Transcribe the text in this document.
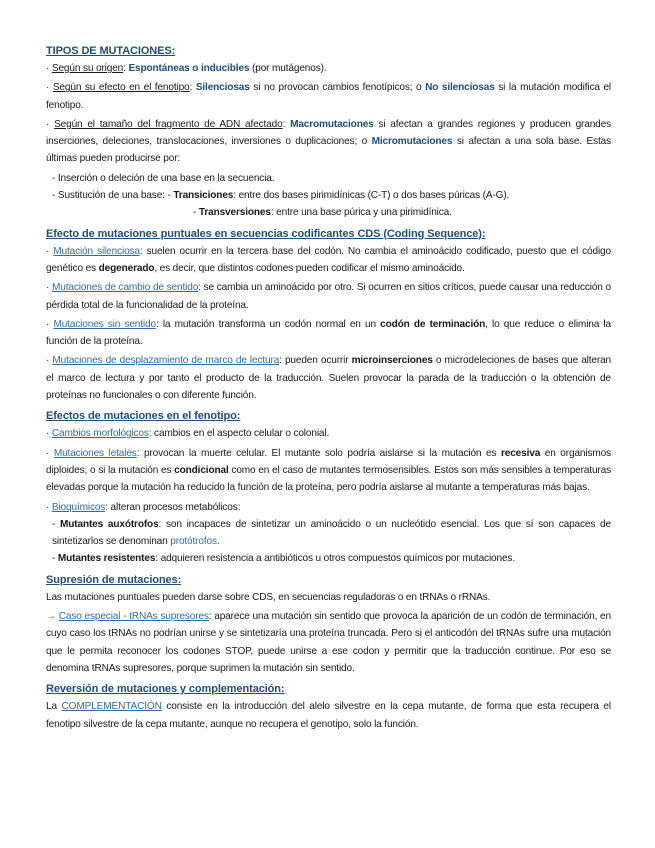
TIPOS DE MUTACIONES:
· Según su origen: Espontáneas o inducibles (por mutágenos).
· Según su efecto en el fenotipo: Silenciosas si no provocan cambios fenotípicos; o No silenciosas si la mutación modifica el fenotipo.
· Según el tamaño del fragmento de ADN afectado: Macromutaciones si afectan a grandes regiones y producen grandes inserciones, deleciones, translocaciones, inversiones o duplicaciones; o Micromutaciones si afectan a una sola base. Estas últimas pueden producirse por:
- Inserción o deleción de una base en la secuencia.
- Sustitución de una base: - Transiciones: entre dos bases pirimidínicas (C-T) o dos bases púricas (A-G).
- Transversiones: entre una base púrica y una pirimidínica.
Efecto de mutaciones puntuales en secuencias codificantes CDS (Coding Sequence):
· Mutación silenciosa: suelen ocurrir en la tercera base del codón. No cambia el aminoácido codificado, puesto que el código genético es degenerado, es decir, que distintos codones pueden codificar el mismo aminoácido.
· Mutaciones de cambio de sentido: se cambia un aminoácido por otro. Si ocurren en sitios críticos, puede causar una reducción o pérdida total de la funcionalidad de la proteína.
· Mutaciones sin sentido: la mutación transforma un codón normal en un codón de terminación, lo que reduce o elimina la función de la proteína.
· Mutaciones de desplazamiento de marco de lectura: pueden ocurrir microinserciones o microdeleciones de bases que alteran el marco de lectura y por tanto el producto de la traducción. Suelen provocar la parada de la traducción o la obtención de proteínas no funcionales o con diferente función.
Efectos de mutaciones en el fenotipo:
· Cambios morfológicos: cambios en el aspecto celular o colonial.
· Mutaciones letales: provocan la muerte celular. El mutante solo podría aislarse si la mutación es recesiva en organismos diploides; o si la mutación es condicional como en el caso de mutantes termosensibles. Estos son más sensibles a temperaturas elevadas porque la mutación ha reducido la función de la proteína, pero podría aislarse al mutante a temperaturas más bajas.
· Bioquímicos: alteran procesos metabólicos:
- Mutantes auxótrofos: son incapaces de sintetizar un aminoácido o un nucleótido esencial. Los que sí son capaces de sintetizarlos se denominan protótrofos.
- Mutantes resistentes: adquieren resistencia a antibióticos u otros compuestos químicos por mutaciones.
Supresión de mutaciones:
Las mutaciones puntuales pueden darse sobre CDS, en secuencias reguladoras o en tRNAs o rRNAs.
→ Caso especial - tRNAs supresores: aparece una mutación sin sentido que provoca la aparición de un codón de terminación, en cuyo caso los tRNAs no podrían unirse y se sintetizaría una proteína truncada. Pero si el anticodón del tRNAs sufre una mutación que le permita reconocer los codones STOP, puede unirse a ese codon y permitir que la traducción continue. Por eso se denomina tRNAs supresores, porque suprimen la mutación sin sentido.
Reversión de mutaciones y complementación:
La COMPLEMENTACIÓN consiste en la introducción del alelo silvestre en la cepa mutante, de forma que esta recupera el fenotipo silvestre de la cepa mutante, aunque no recupera el genotipo, solo la función.
